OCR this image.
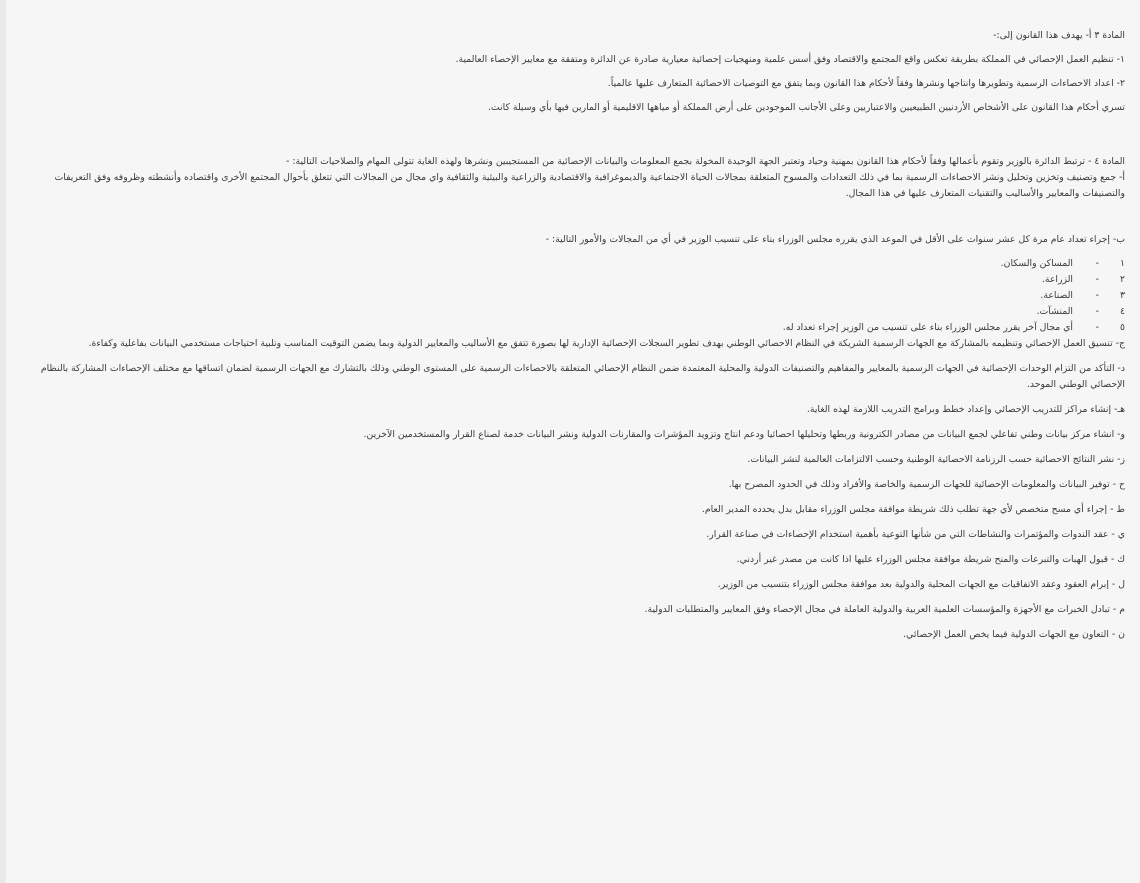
المادة ٣ أ- يهدف هذا القانون إلى:-

١- تنظيم العمل الإحصائي في المملكة بطريقة تعكس واقع المجتمع والاقتصاد وفق أسس علمية ومنهجيات إحصائية معيارية صادرة عن الدائرة ومتفقة مع معايير الإحصاء العالمية.

٢- اعداد الاحصاءات الرسمية وتطويرها وانتاجها ونشرها وفقاً لأحكام هذا القانون وبما يتفق مع التوصيات الاحصائية المتعارف عليها عالمياً.

تسري أحكام هذا القانون على الأشخاص الأردنيين الطبيعيين والاعتباريين وعلى الأجانب الموجودين على أرض المملكة أو مياهها الاقليمية أو المارين فيها بأي وسيلة كانت.

المادة ٤ - ترتبط الدائرة بالوزير وتقوم بأعمالها وفقاً لأحكام هذا القانون بمهنية وحياد وتعتبر الجهة الوحيدة المخولة بجمع المعلومات والبيانات الإحصائية من المستجيبين ونشرها ولهذه الغاية تتولى المهام والصلاحيات التالية: -

أ- جمع وتصنيف وتخزين وتحليل ونشر الاحصاءات الرسمية بما في ذلك التعدادات والمسوح المتعلقة بمجالات الحياة الاجتماعية والديموغرافية والاقتصادية والزراعية والبيئية والثقافية واي مجال من المجالات التي تتعلق بأحوال المجتمع الأخرى واقتصاده وأنشطته وظروفه وفق التعريفات والتصنيفات والمعايير والأساليب والتقنيات المتعارف عليها في هذا المجال.

ب- إجراء تعداد عام مرة كل عشر سنوات على الأقل في الموعد الذي يقرره مجلس الوزراء بناء على تنسيب الوزير في أي من المجالات والأمور التالية: -

١
-
المساكن والسكان.
٢
-
الزراعة.
٣
-
الصناعة.
٤
-
المنشآت.
٥
-
أي مجال آخر يقرر مجلس الوزراء بناء على تنسيب من الوزير إجراء تعداد له.

ج- تنسيق العمل الإحصائي وتنظيمه بالمشاركة مع الجهات الرسمية الشريكة في النظام الاحصائي الوطني بهدف تطوير السجلات الإحصائية الإدارية لها بصورة تتفق مع الأساليب والمعايير الدولية وبما يضمن التوقيت المناسب وتلبية احتياجات مستخدمي البيانات بفاعلية وكفاءة.

د- التأكد من التزام الوحدات الإحصائية في الجهات الرسمية بالمعايير والمفاهيم والتصنيفات الدولية والمحلية المعتمدة ضمن النظام الإحصائي المتعلقة بالاحصاءات الرسمية على المستوى الوطني وذلك بالتشارك مع الجهات الرسمية لضمان اتساقها مع مختلف الإحصاءات المشاركة بالنظام الإحصائي الوطني الموحد.

هـ- إنشاء مراكز للتدريب الإحصائي وإعداد خطط وبرامج التدريب اللازمة لهذه الغاية.

و- انشاء مركز بيانات وطني تفاعلي لجمع البيانات من مصادر الكترونية وربطها وتحليلها احصائيا ودعم انتاج وتزويد المؤشرات والمقارنات الدولية ونشر البيانات خدمة لصناع القرار والمستخدمين الآخرين.

ز- نشر النتائج الاحصائية حسب الرزنامة الاحصائية الوطنية وحسب الالتزامات العالمية لنشر البيانات.

ح - توفير البيانات والمعلومات الإحصائية للجهات الرسمية والخاصة والأفراد وذلك في الحدود المصرح بها.

ط - إجراء أي مسح متخصص لأي جهة تطلب ذلك شريطة موافقة مجلس الوزراء مقابل بدل يحدده المدير العام.

ي - عقد الندوات والمؤتمرات والنشاطات التي من شأنها التوعية بأهمية استخدام الإحصاءات في صناعة القرار.

ك - قبول الهبات والتبرعات والمنح شريطة موافقة مجلس الوزراء عليها اذا كانت من مصدر غير أردني.

ل - إبرام العقود وعقد الاتفاقيات مع الجهات المحلية والدولية بعد موافقة مجلس الوزراء بتنسيب من الوزير.

م - تبادل الخبرات مع الأجهزة والمؤسسات العلمية العربية والدولية العاملة في مجال الإحصاء وفق المعايير والمتطلبات الدولية.

ن - التعاون مع الجهات الدولية فيما يخص العمل الإحصائي.
